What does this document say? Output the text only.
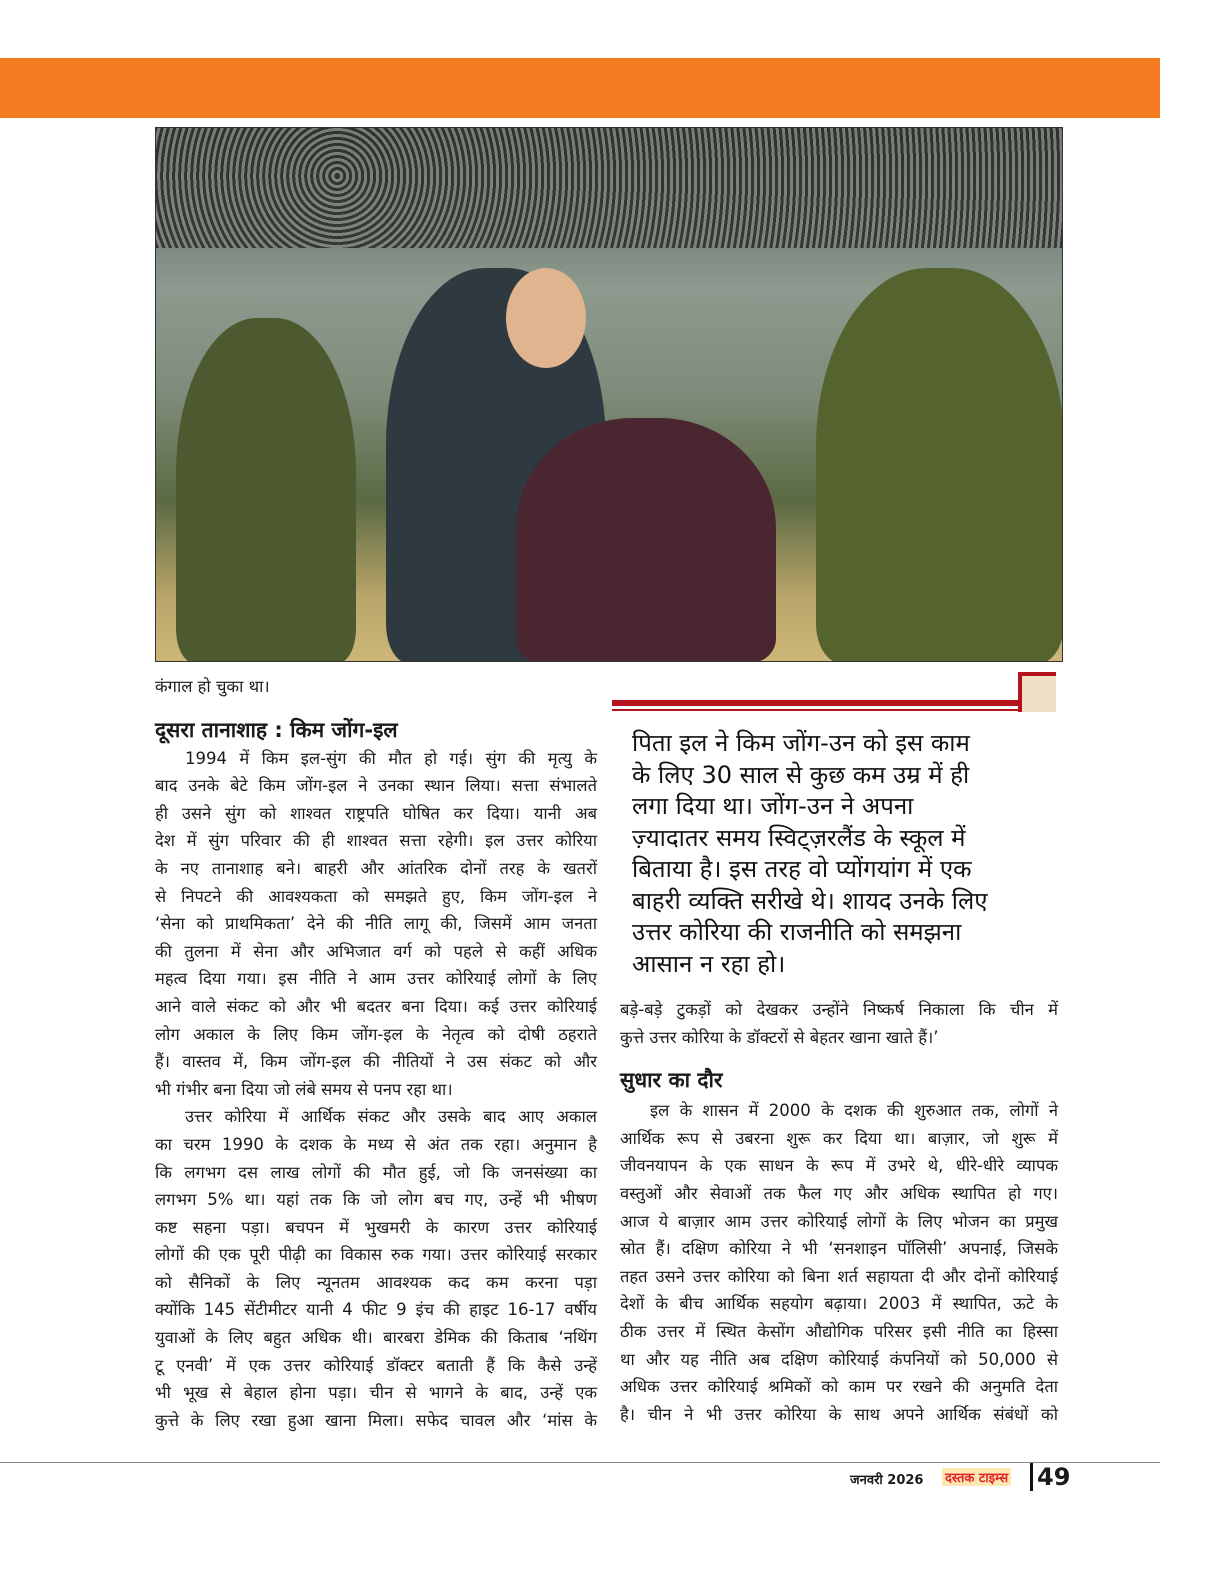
कंगाल हो चुका था।
दूसरा तानाशाह : किम जोंग-इल
1994 में किम इल-सुंग की मौत हो गई। सुंग की मृत्यु के
बाद उनके बेटे किम जोंग-इल ने उनका स्थान लिया। सत्ता संभालते
ही उसने सुंग को शाश्वत राष्ट्रपति घोषित कर दिया। यानी अब
देश में सुंग परिवार की ही शाश्वत सत्ता रहेगी। इल उत्तर कोरिया
के नए तानाशाह बने। बाहरी और आंतरिक दोनों तरह के खतरों
से निपटने की आवश्यकता को समझते हुए, किम जोंग-इल ने
‘सेना को प्राथमिकता’ देने की नीति लागू की, जिसमें आम जनता
की तुलना में सेना और अभिजात वर्ग को पहले से कहीं अधिक
महत्व दिया गया। इस नीति ने आम उत्तर कोरियाई लोगों के लिए
आने वाले संकट को और भी बदतर बना दिया। कई उत्तर कोरियाई
लोग अकाल के लिए किम जोंग-इल के नेतृत्व को दोषी ठहराते
हैं। वास्तव में, किम जोंग-इल की नीतियों ने उस संकट को और
भी गंभीर बना दिया जो लंबे समय से पनप रहा था।
उत्तर कोरिया में आर्थिक संकट और उसके बाद आए अकाल
का चरम 1990 के दशक के मध्य से अंत तक रहा। अनुमान है
कि लगभग दस लाख लोगों की मौत हुई, जो कि जनसंख्या का
लगभग 5% था। यहां तक कि जो लोग बच गए, उन्हें भी भीषण
कष्ट सहना पड़ा। बचपन में भुखमरी के कारण उत्तर कोरियाई
लोगों की एक पूरी पीढ़ी का विकास रुक गया। उत्तर कोरियाई सरकार
को सैनिकों के लिए न्यूनतम आवश्यक कद कम करना पड़ा
क्योंकि 145 सेंटीमीटर यानी 4 फीट 9 इंच की हाइट 16-17 वर्षीय
युवाओं के लिए बहुत अधिक थी। बारबरा डेमिक की किताब ‘नथिंग
टू एनवी’ में एक उत्तर कोरियाई डॉक्टर बताती हैं कि कैसे उन्हें
भी भूख से बेहाल होना पड़ा। चीन से भागने के बाद, उन्हें एक
कुत्ते के लिए रखा हुआ खाना मिला। सफेद चावल और ‘मांस के
पिता इल ने किम जोंग-उन को इस काम
के लिए 30 साल से कुछ कम उम्र में ही
लगा दिया था। जोंग-उन ने अपना
ज़्यादातर समय स्विट्ज़रलैंड के स्कूल में
बिताया है। इस तरह वो प्योंगयांग में एक
बाहरी व्यक्ति सरीखे थे। शायद उनके लिए
उत्तर कोरिया की राजनीति को समझना
आसान न रहा हो।
बड़े-बड़े टुकड़ों को देखकर उन्होंने निष्कर्ष निकाला कि चीन में
कुत्ते उत्तर कोरिया के डॉक्टरों से बेहतर खाना खाते हैं।’
सुधार का दौर
इल के शासन में 2000 के दशक की शुरुआत तक, लोगों ने
आर्थिक रूप से उबरना शुरू कर दिया था। बाज़ार, जो शुरू में
जीवनयापन के एक साधन के रूप में उभरे थे, धीरे-धीरे व्यापक
वस्तुओं और सेवाओं तक फैल गए और अधिक स्थापित हो गए।
आज ये बाज़ार आम उत्तर कोरियाई लोगों के लिए भोजन का प्रमुख
स्रोत हैं। दक्षिण कोरिया ने भी ‘सनशाइन पॉलिसी’ अपनाई, जिसके
तहत उसने उत्तर कोरिया को बिना शर्त सहायता दी और दोनों कोरियाई
देशों के बीच आर्थिक सहयोग बढ़ाया। 2003 में स्थापित, ऊटे के
ठीक उत्तर में स्थित केसोंग औद्योगिक परिसर इसी नीति का हिस्सा
था और यह नीति अब दक्षिण कोरियाई कंपनियों को 50,000 से
अधिक उत्तर कोरियाई श्रमिकों को काम पर रखने की अनुमति देता
है। चीन ने भी उत्तर कोरिया के साथ अपने आर्थिक संबंधों को
जनवरी 2026 दस्तक टाइम्स 49
